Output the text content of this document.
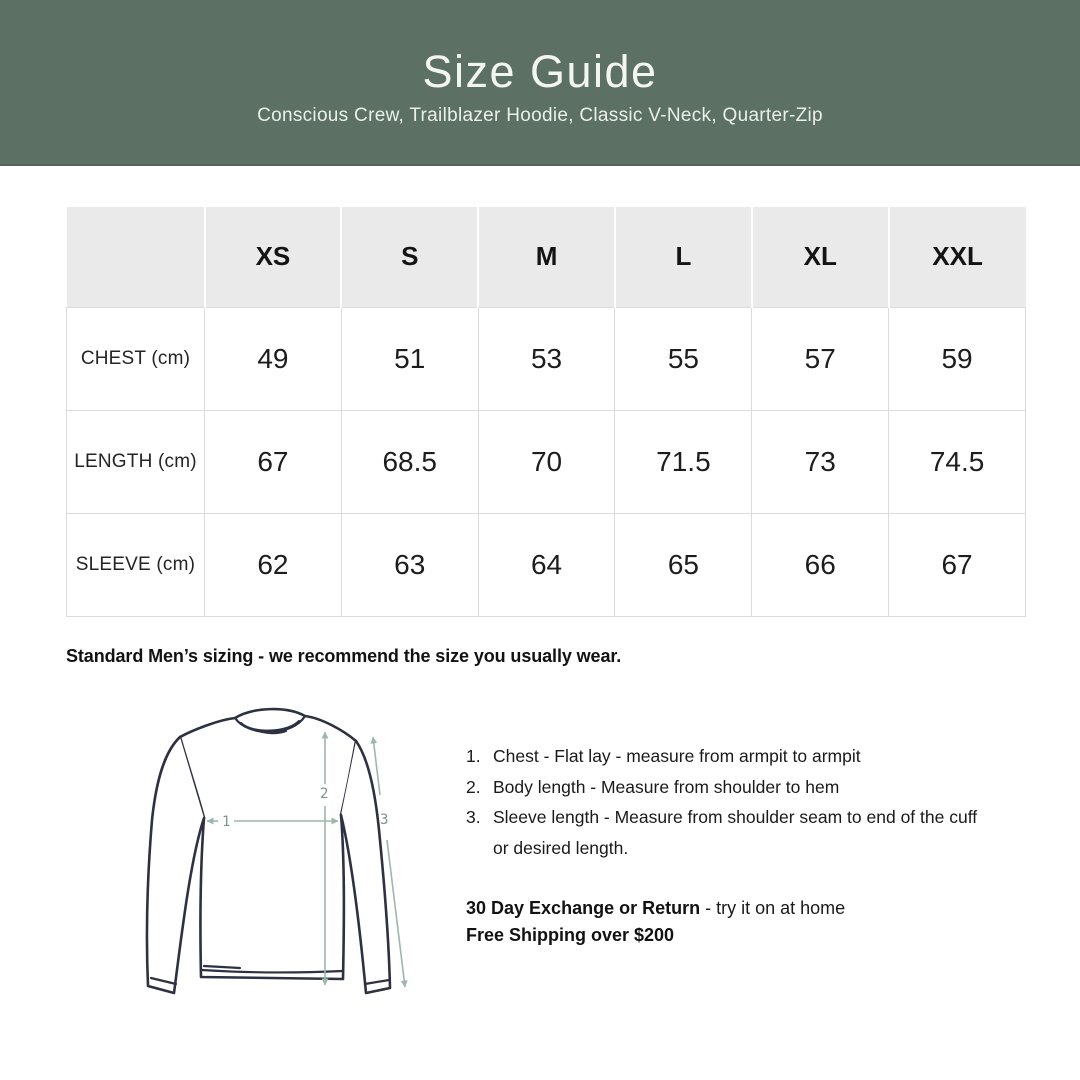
Size Guide
Conscious Crew, Trailblazer Hoodie, Classic V-Neck, Quarter-Zip
	XS	S	M	L	XL	XXL
CHEST (cm)	49	51	53	55	57	59
LENGTH (cm)	67	68.5	70	71.5	73	74.5
SLEEVE (cm)	62	63	64	65	66	67
Standard Men’s sizing - we recommend the size you usually wear.
1
2
3
1. Chest - Flat lay - measure from armpit to armpit
2. Body length - Measure from shoulder to hem
3. Sleeve length - Measure from shoulder seam to end of the cuff or desired length.
30 Day Exchange or Return - try it on at home
Free Shipping over $200
